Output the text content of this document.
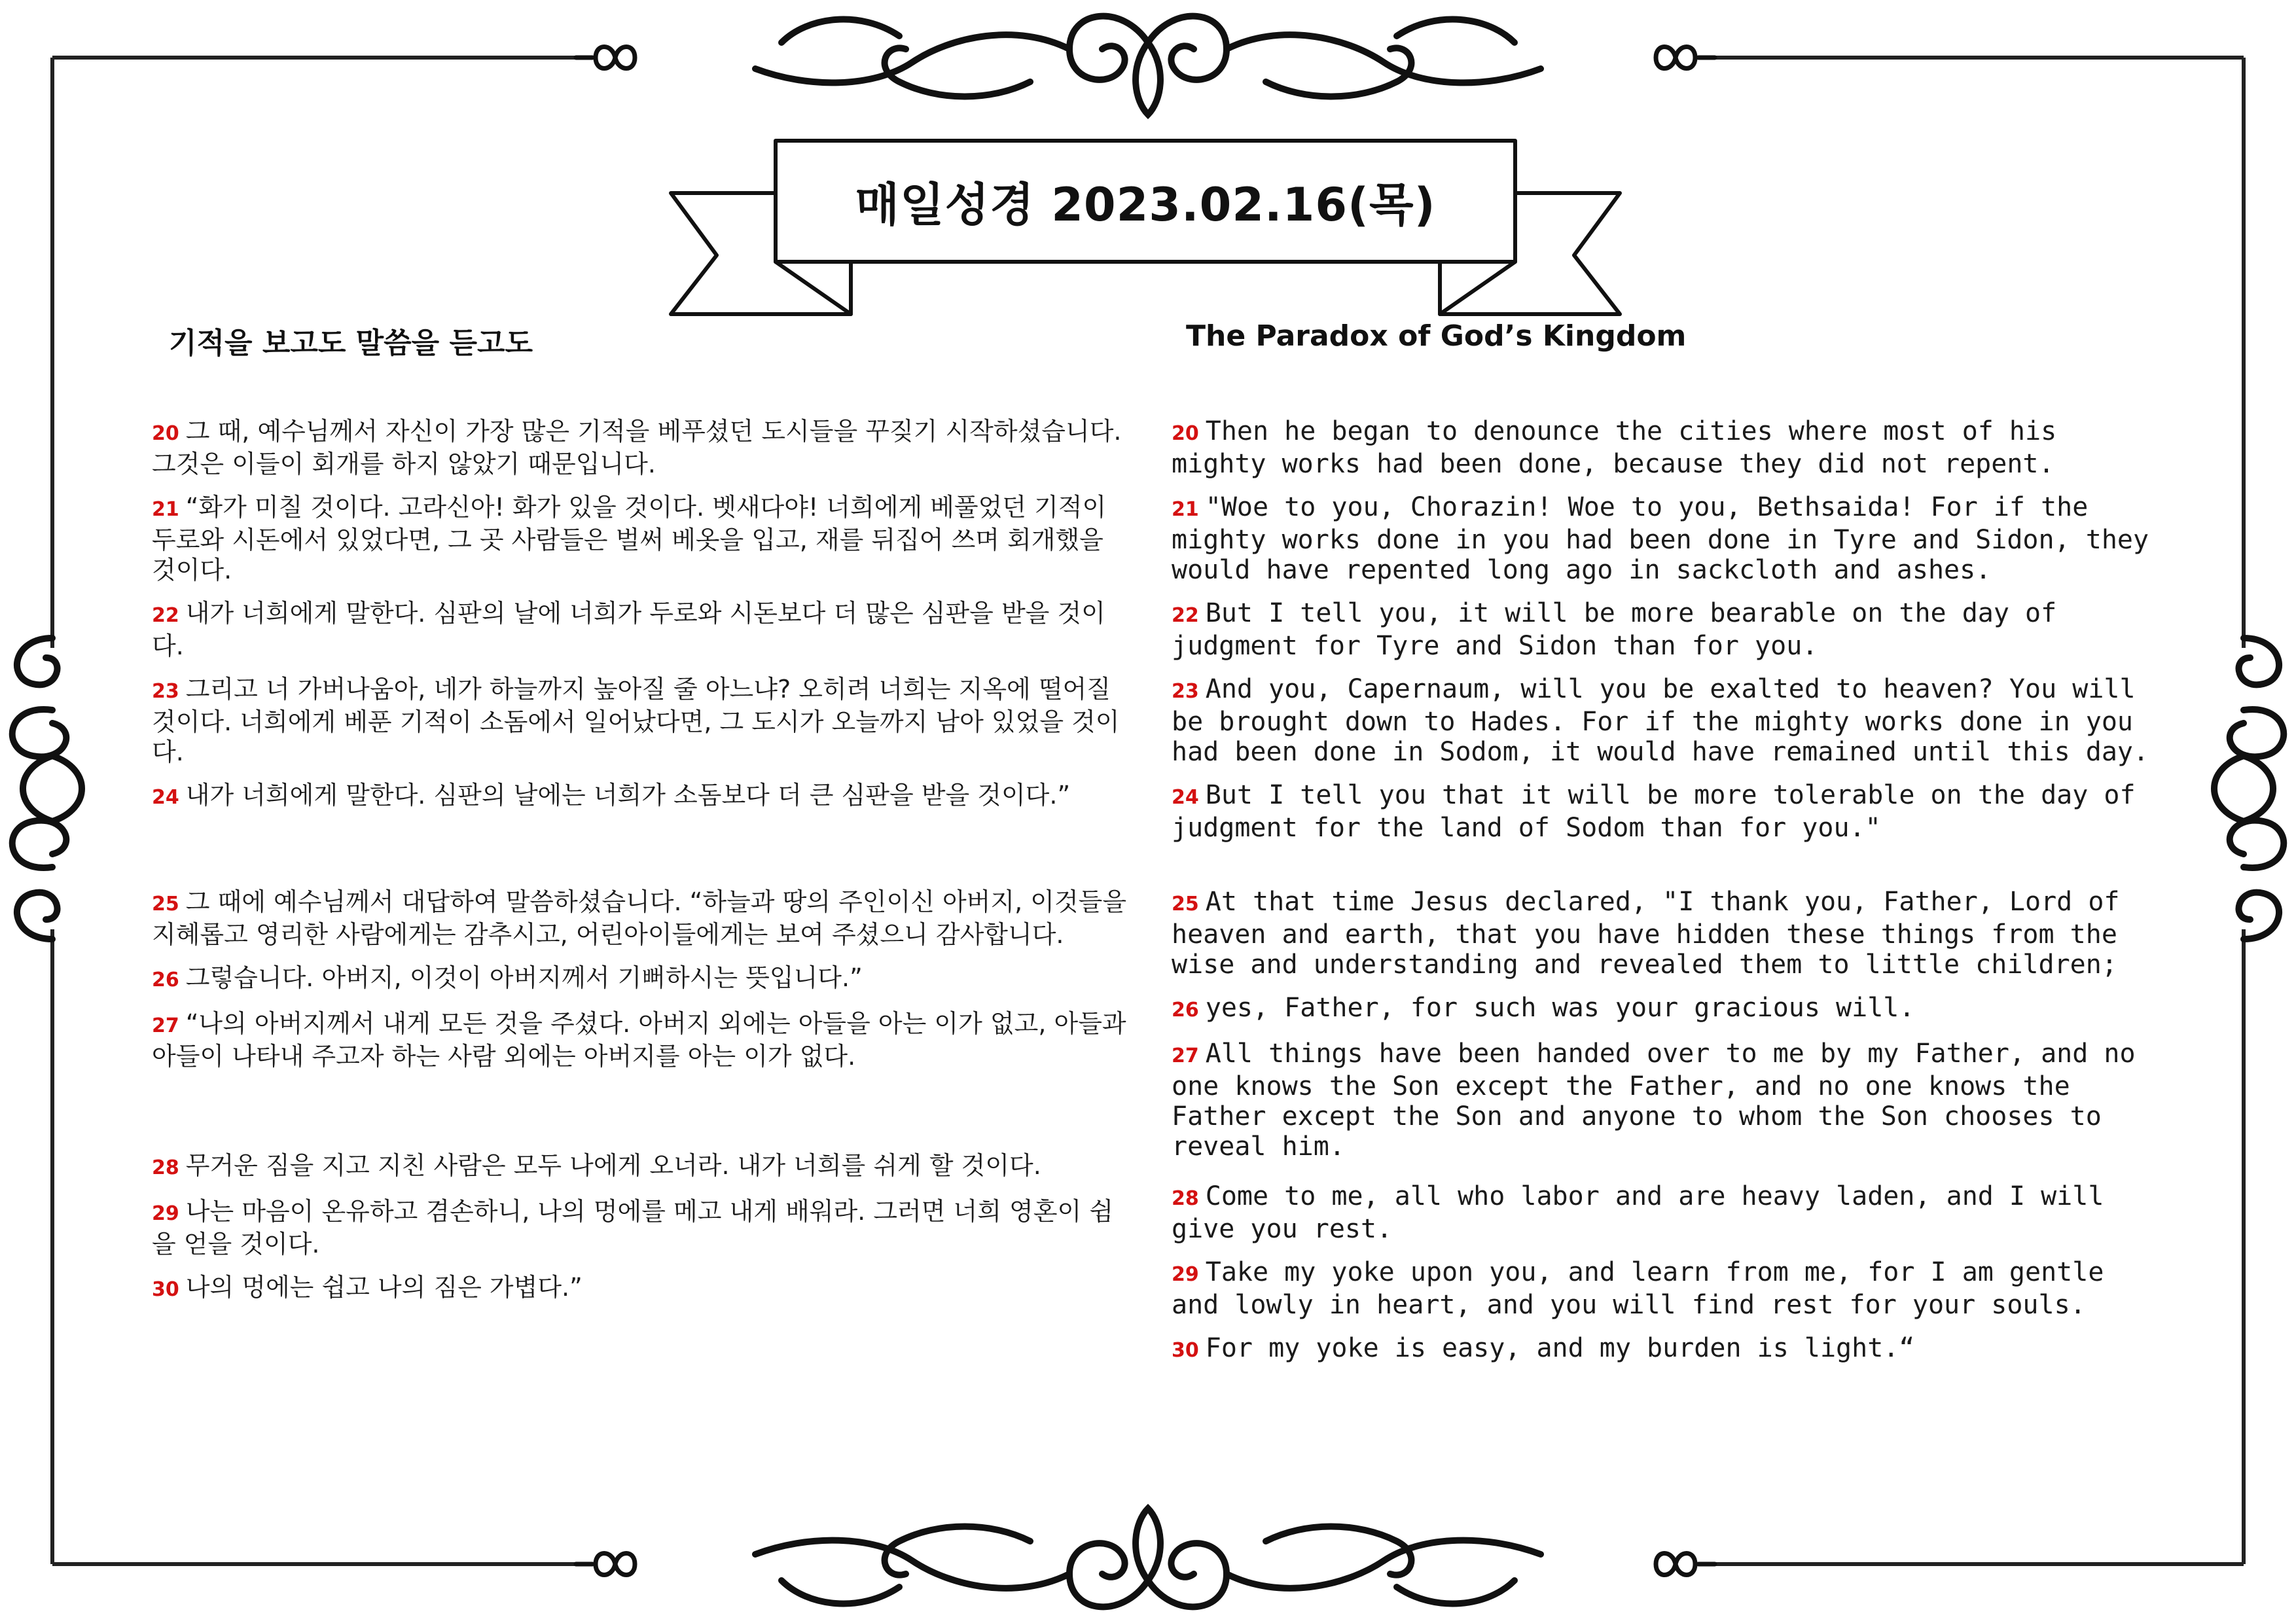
매일성경 2023.02.16(목)
기적을 보고도 말씀을 듣고도	The Paradox of God’s Kingdom
20 그 때, 예수님께서 자신이 가장 많은 기적을 베푸셨던 도시들을 꾸짖기 시작하셨습니다. 그것은 이들이 회개를 하지 않았기 때문입니다.
21 “화가 미칠 것이다. 고라신아! 화가 있을 것이다. 벳새다야! 너희에게 베풀었던 기적이 두로와 시돈에서 있었다면, 그 곳 사람들은 벌써 베옷을 입고, 재를 뒤집어 쓰며 회개했을 것이다.
22 내가 너희에게 말한다. 심판의 날에 너희가 두로와 시돈보다 더 많은 심판을 받을 것이다.
23 그리고 너 가버나움아, 네가 하늘까지 높아질 줄 아느냐? 오히려 너희는 지옥에 떨어질 것이다. 너희에게 베푼 기적이 소돔에서 일어났다면, 그 도시가 오늘까지 남아 있었을 것이다.
24 내가 너희에게 말한다. 심판의 날에는 너희가 소돔보다 더 큰 심판을 받을 것이다.”
25 그 때에 예수님께서 대답하여 말씀하셨습니다. “하늘과 땅의 주인이신 아버지, 이것들을 지혜롭고 영리한 사람에게는 감추시고, 어린아이들에게는 보여 주셨으니 감사합니다.
26 그렇습니다. 아버지, 이것이 아버지께서 기뻐하시는 뜻입니다.”
27 “나의 아버지께서 내게 모든 것을 주셨다. 아버지 외에는 아들을 아는 이가 없고, 아들과 아들이 나타내 주고자 하는 사람 외에는 아버지를 아는 이가 없다.
28 무거운 짐을 지고 지친 사람은 모두 나에게 오너라. 내가 너희를 쉬게 할 것이다.
29 나는 마음이 온유하고 겸손하니, 나의 멍에를 메고 내게 배워라. 그러면 너희 영혼이 쉼을 얻을 것이다.
30 나의 멍에는 쉽고 나의 짐은 가볍다.”
20 Then he began to denounce the cities where most of his mighty works had been done, because they did not repent.
21 "Woe to you, Chorazin! Woe to you, Bethsaida! For if the mighty works done in you had been done in Tyre and Sidon, they would have repented long ago in sackcloth and ashes.
22 But I tell you, it will be more bearable on the day of judgment for Tyre and Sidon than for you.
23 And you, Capernaum, will you be exalted to heaven? You will be brought down to Hades. For if the mighty works done in you had been done in Sodom, it would have remained until this day.
24 But I tell you that it will be more tolerable on the day of judgment for the land of Sodom than for you."
25 At that time Jesus declared, "I thank you, Father, Lord of heaven and earth, that you have hidden these things from the wise and understanding and revealed them to little children;
26 yes, Father, for such was your gracious will.
27 All things have been handed over to me by my Father, and no one knows the Son except the Father, and no one knows the Father except the Son and anyone to whom the Son chooses to reveal him.
28 Come to me, all who labor and are heavy laden, and I will give you rest.
29 Take my yoke upon you, and learn from me, for I am gentle and lowly in heart, and you will find rest for your souls.
30 For my yoke is easy, and my burden is light.“
